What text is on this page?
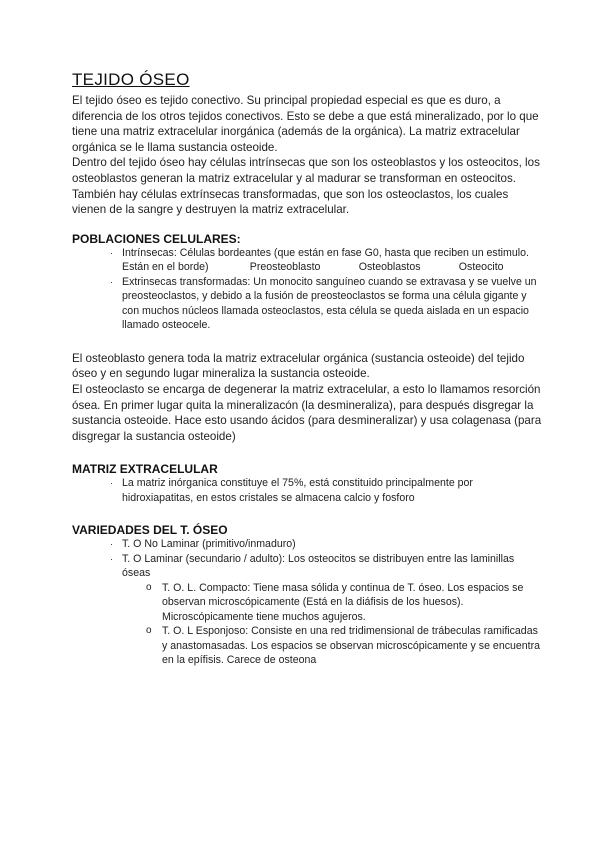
TEJIDO ÓSEO

El tejido óseo es tejido conectivo. Su principal propiedad especial es que es duro, a diferencia de los otros tejidos conectivos. Esto se debe a que está mineralizado, por lo que tiene una matriz extracelular inorgánica (además de la orgánica). La matriz extracelular orgánica se le llama sustancia osteoide.

Dentro del tejido óseo hay células intrínsecas que son los osteoblastos y los osteocitos, los osteoblastos generan la matriz extracelular y al madurar se transforman en osteocitos. También hay células extrínsecas transformadas, que son los osteoclastos, los cuales vienen de la sangre y destruyen la matriz extracelular.

POBLACIONES CELULARES:
· Intrínsecas: Células bordeantes (que están en fase G0, hasta que reciben un estimulo. Están en el borde)              Preosteoblasto             Osteoblastos             Osteocito
· Extrinsecas transformadas: Un monocito sanguíneo cuando se extravasa y se vuelve un preosteoclastos, y debido a la fusión de preosteoclastos se forma una célula gigante y con muchos núcleos llamada osteoclastos, esta célula se queda aislada en un espacio llamado osteocele.

El osteoblasto genera toda la matriz extracelular orgánica (sustancia osteoide) del tejido óseo y en segundo lugar mineraliza la sustancia osteoide.

El osteoclasto se encarga de degenerar la matriz extracelular, a esto lo llamamos resorción ósea. En primer lugar quita la mineralizacón (la desmineraliza), para después disgregar la sustancia osteoide. Hace esto usando ácidos (para desmineralizar) y usa colagenasa (para disgregar la sustancia osteoide)

MATRIZ EXTRACELULAR
· La matriz inórganica constituye el 75%, está constituido principalmente por hidroxiapatitas, en estos cristales se almacena calcio y fosforo
VARIEDADES DEL T. ÓSEO
· T. O No Laminar (primitivo/inmaduro)
· T. O Laminar (secundario / adulto): Los osteocitos se distribuyen entre las laminillas óseas
o T. O. L. Compacto: Tiene masa sólida y continua de T. óseo. Los espacios se observan microscópicamente (Está en la diáfisis de los huesos). Microscópicamente tiene muchos agujeros.
o T. O. L Esponjoso: Consiste en una red tridimensional de trábeculas ramificadas y anastomasadas. Los espacios se observan microscópicamente y se encuentra en la epífisis. Carece de osteona
